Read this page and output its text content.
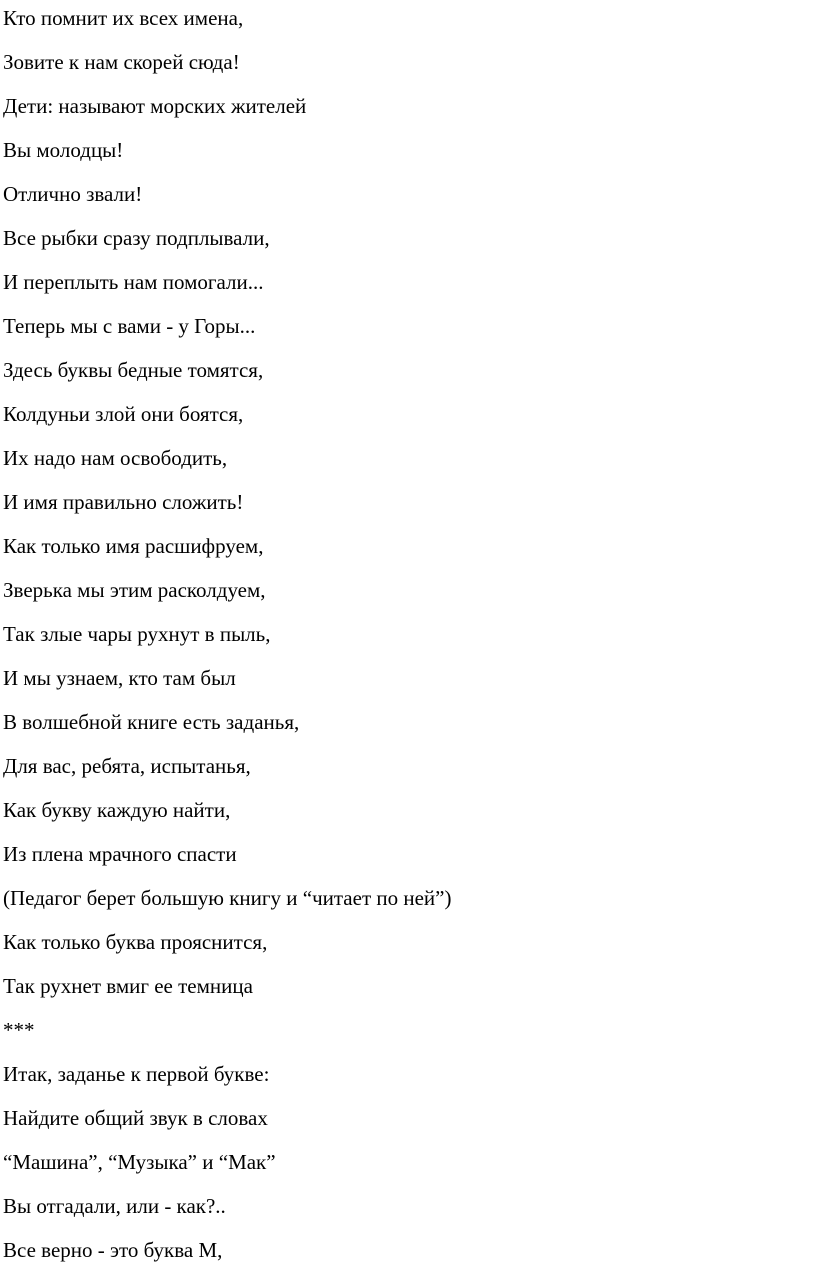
Кто помнит их всех имена,

Зовите к нам скорей сюда!

Дети: называют морских жителей

Вы молодцы!

Отлично звали!

Все рыбки сразу подплывали,

И переплыть нам помогали...

Теперь мы с вами - у Горы...

Здесь буквы бедные томятся,

Колдуньи злой они боятся,

Их надо нам освободить,

И имя правильно сложить!

Как только имя расшифруем,

Зверька мы этим расколдуем,

Так злые чары рухнут в пыль,

И мы узнаем, кто там был

В волшебной книге есть заданья,

Для вас, ребята, испытанья,

Как букву каждую найти,

Из плена мрачного спасти

(Педагог берет большую книгу и “читает по ней”)

Как только буква прояснится,

Так рухнет вмиг ее темница

***

Итак, заданье к первой букве:

Найдите общий звук в словах

“Машина”, “Музыка” и “Мак”

Вы отгадали, или - как?..

Все верно - это буква М,
